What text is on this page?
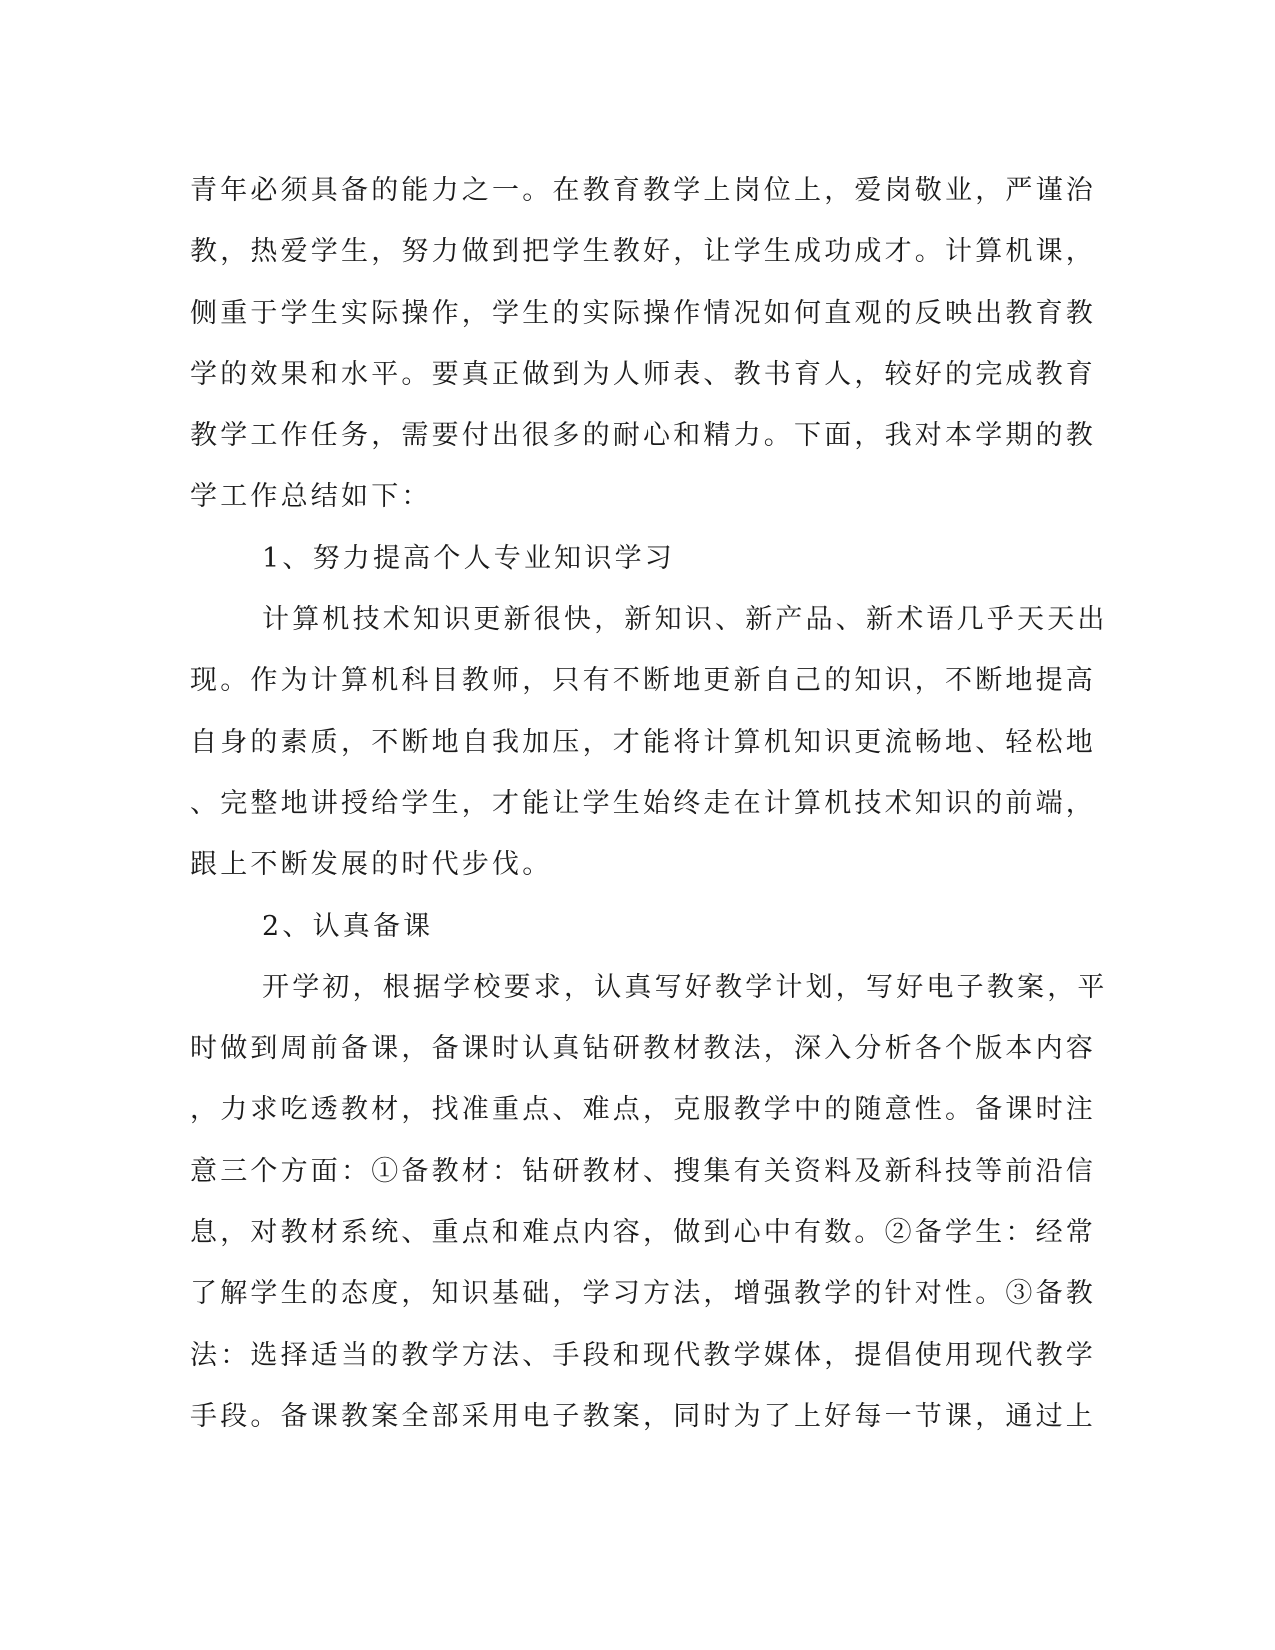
青年必须具备的能力之一。在教育教学上岗位上，爱岗敬业，严谨治
教，热爱学生，努力做到把学生教好，让学生成功成才。计算机课，
侧重于学生实际操作，学生的实际操作情况如何直观的反映出教育教
学的效果和水平。要真正做到为人师表、教书育人，较好的完成教育
教学工作任务，需要付出很多的耐心和精力。下面，我对本学期的教
学工作总结如下：
1、努力提高个人专业知识学习
计算机技术知识更新很快，新知识、新产品、新术语几乎天天出
现。作为计算机科目教师，只有不断地更新自己的知识，不断地提高
自身的素质，不断地自我加压，才能将计算机知识更流畅地、轻松地
、完整地讲授给学生，才能让学生始终走在计算机技术知识的前端，
跟上不断发展的时代步伐。
2、认真备课
开学初，根据学校要求，认真写好教学计划，写好电子教案，平
时做到周前备课，备课时认真钻研教材教法，深入分析各个版本内容
，力求吃透教材，找准重点、难点，克服教学中的随意性。备课时注
意三个方面：①备教材：钻研教材、搜集有关资料及新科技等前沿信
息，对教材系统、重点和难点内容，做到心中有数。②备学生：经常
了解学生的态度，知识基础，学习方法，增强教学的针对性。③备教
法：选择适当的教学方法、手段和现代教学媒体，提倡使用现代教学
手段。备课教案全部采用电子教案，同时为了上好每一节课，通过上
